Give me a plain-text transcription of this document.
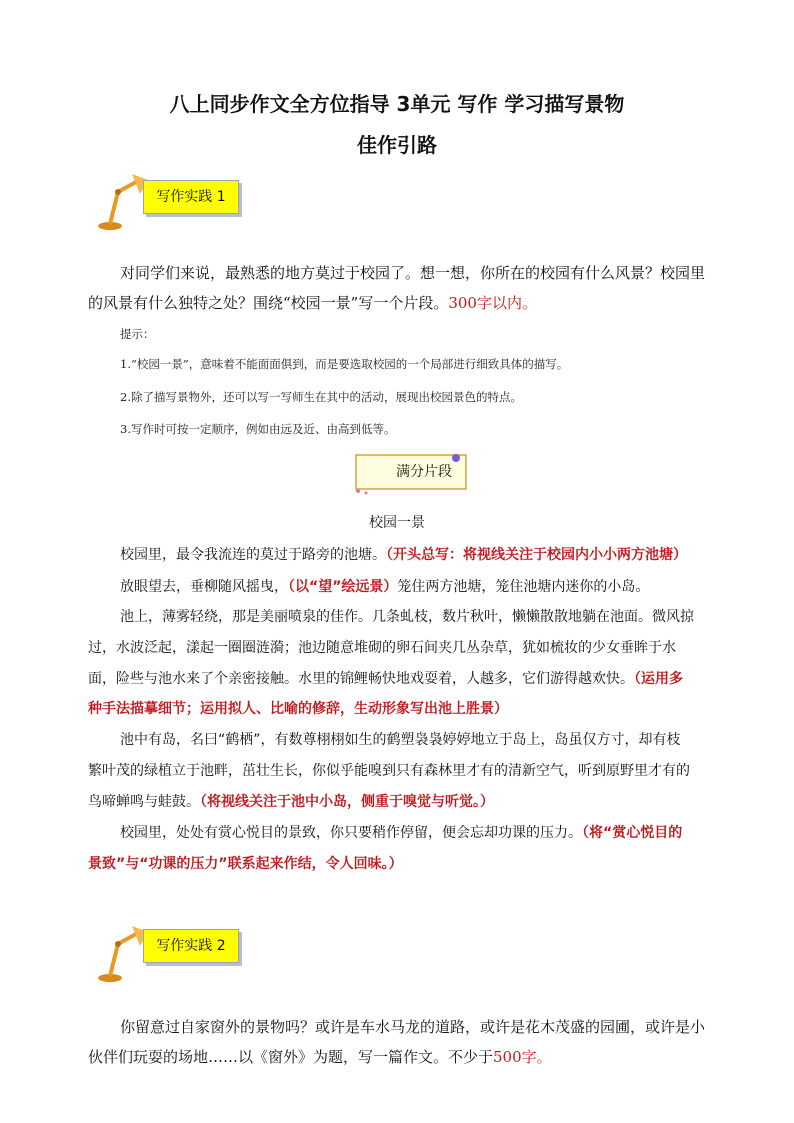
八上同步作文全方位指导 3单元 写作 学习描写景物
佳作引路
写作实践 1
对同学们来说，最熟悉的地方莫过于校园了。想一想，你所在的校园有什么风景？校园里的风景有什么独特之处？围绕“校园一景”写一个片段。300字以内。
提示：
1.“校园一景”，意味着不能面面俱到，而是要选取校园的一个局部进行细致具体的描写。
2.除了描写景物外，还可以写一写师生在其中的活动，展现出校园景色的特点。
3.写作时可按一定顺序，例如由远及近、由高到低等。
满分片段
校园一景
校园里，最令我流连的莫过于路旁的池塘。（开头总写：将视线关注于校园内小小两方池塘）
放眼望去，垂柳随风摇曳，（以“望”绘远景）笼住两方池塘，笼住池塘内迷你的小岛。
池上，薄雾轻绕，那是美丽喷泉的佳作。几条虬枝，数片秋叶，懒懒散散地躺在池面。微风掠
过，水波泛起，漾起一圈圈涟漪；池边随意堆砌的卵石间夹几丛杂草，犹如梳妆的少女垂眸于水
面，险些与池水来了个亲密接触。水里的锦鲤畅快地戏耍着，人越多，它们游得越欢快。（运用多
种手法描摹细节；运用拟人、比喻的修辞，生动形象写出池上胜景）
池中有岛，名曰“鹤栖”，有数尊栩栩如生的鹤塑袅袅婷婷地立于岛上，岛虽仅方寸，却有枝
繁叶茂的绿植立于池畔，茁壮生长，你似乎能嗅到只有森林里才有的清新空气，听到原野里才有的
鸟啼蝉鸣与蛙鼓。（将视线关注于池中小岛，侧重于嗅觉与听觉。）
校园里，处处有赏心悦目的景致，你只要稍作停留，便会忘却功课的压力。（将“赏心悦目的
景致”与“功课的压力”联系起来作结，令人回味。）
写作实践 2
你留意过自家窗外的景物吗？或许是车水马龙的道路，或许是花木茂盛的园圃，或许是小伙伴们玩耍的场地……以《窗外》为题，写一篇作文。不少于500字。
